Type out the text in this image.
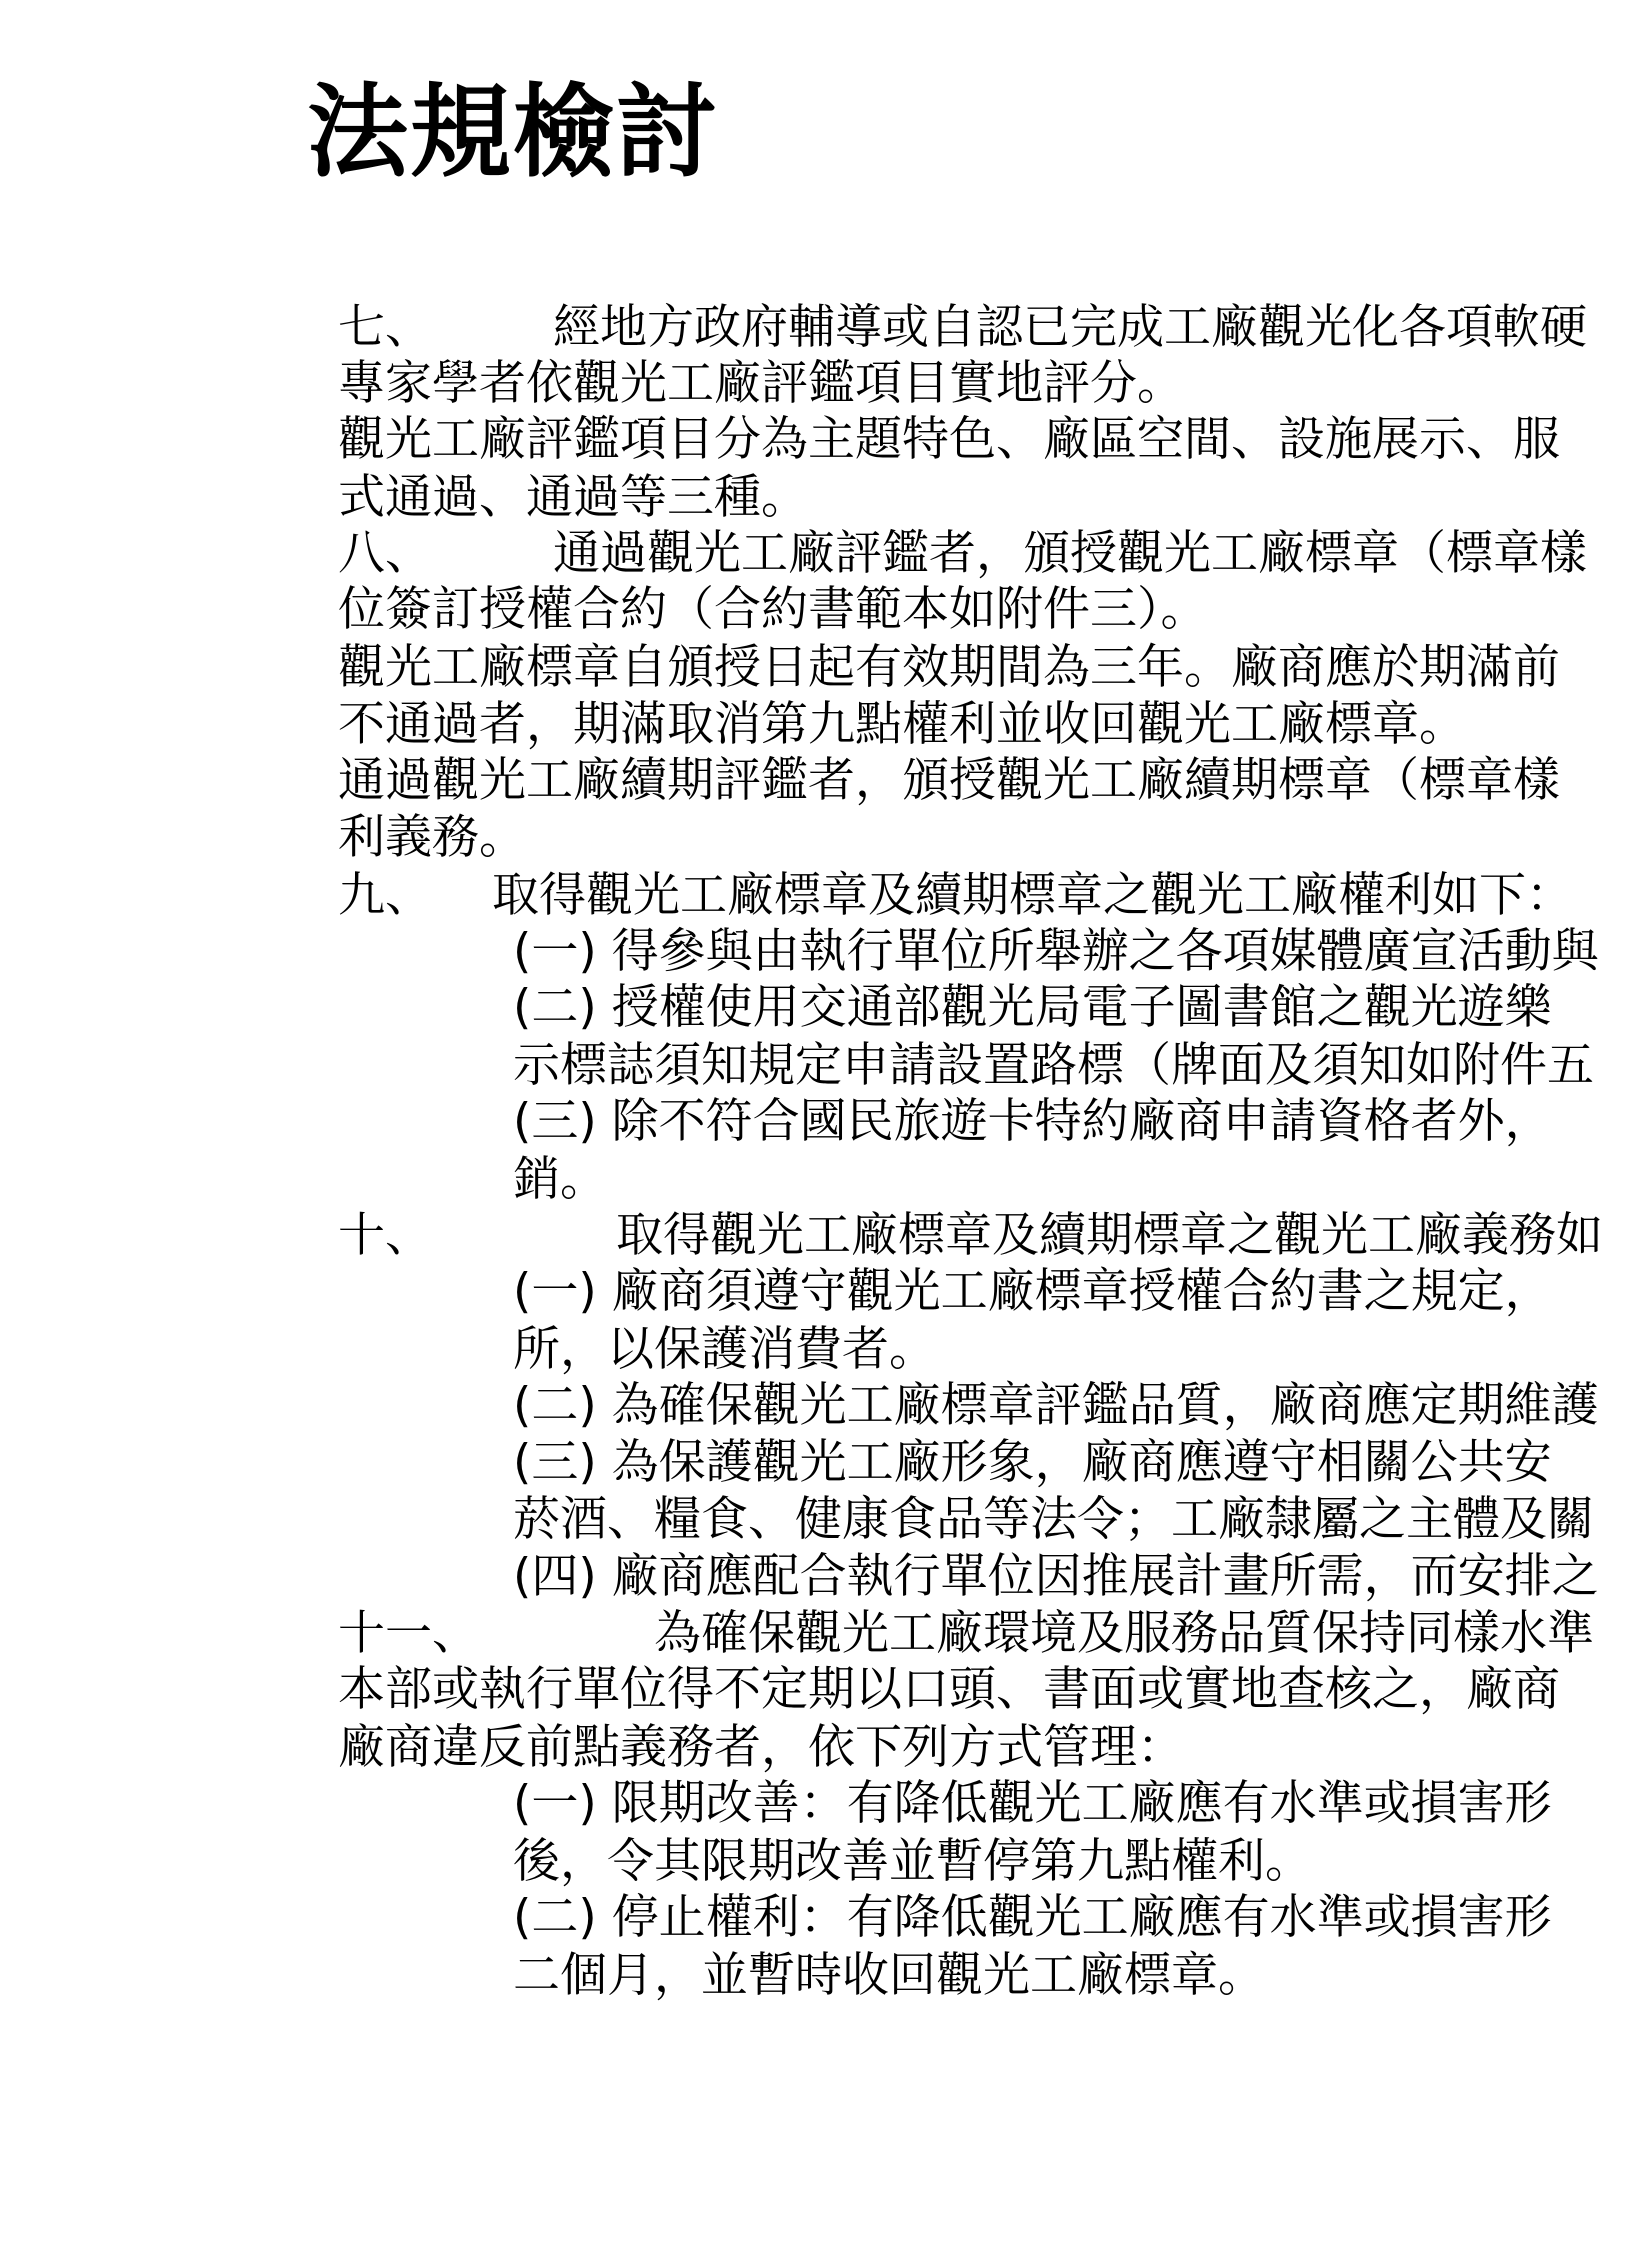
法規檢討
七、	經地方政府輔導或自認已完成工廠觀光化各項軟硬
專家學者依觀光工廠評鑑項目實地評分。
觀光工廠評鑑項目分為主題特色、廠區空間、設施展示、服
式通過、通過等三種。
八、	通過觀光工廠評鑑者，頒授觀光工廠標章（標章樣
位簽訂授權合約（合約書範本如附件三）。
觀光工廠標章自頒授日起有效期間為三年。廠商應於期滿前
不通過者，期滿取消第九點權利並收回觀光工廠標章。
通過觀光工廠續期評鑑者，頒授觀光工廠續期標章（標章樣
利義務。
九、 取得觀光工廠標章及續期標章之觀光工廠權利如下：
(一) 得參與由執行單位所舉辦之各項媒體廣宣活動與
(二) 授權使用交通部觀光局電子圖書館之觀光遊樂
示標誌須知規定申請設置路標（牌面及須知如附件五
(三) 除不符合國民旅遊卡特約廠商申請資格者外，
銷。
十、	取得觀光工廠標章及續期標章之觀光工廠義務如
(一) 廠商須遵守觀光工廠標章授權合約書之規定，
所，以保護消費者。
(二) 為確保觀光工廠標章評鑑品質，廠商應定期維護
(三) 為保護觀光工廠形象，廠商應遵守相關公共安
菸酒、糧食、健康食品等法令；工廠隸屬之主體及關
(四) 廠商應配合執行單位因推展計畫所需，而安排之
十一、	為確保觀光工廠環境及服務品質保持同樣水準
本部或執行單位得不定期以口頭、書面或實地查核之，廠商
廠商違反前點義務者，依下列方式管理：
(一) 限期改善：有降低觀光工廠應有水準或損害形
後，令其限期改善並暫停第九點權利。
(二) 停止權利：有降低觀光工廠應有水準或損害形
二個月，並暫時收回觀光工廠標章。
